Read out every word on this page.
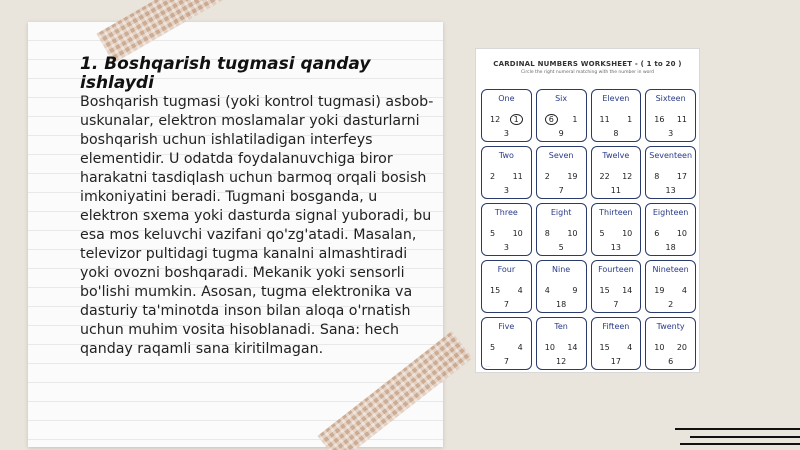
1. Boshqarish tugmasi qanday ishlaydi
Boshqarish tugmasi (yoki kontrol tugmasi) asbob-uskunalar, elektron moslamalar yoki dasturlarni boshqarish uchun ishlatiladigan interfeys elementidir. U odatda foydalanuvchiga biror harakatni tasdiqlash uchun barmoq orqali bosish imkoniyatini beradi. Tugmani bosganda, u elektron sxema yoki dasturda signal yuboradi, bu esa mos keluvchi vazifani qo'zg'atadi. Masalan, televizor pultidagi tugma kanalni almashtiradi yoki ovozni boshqaradi. Mekanik yoki sensorli bo'lishi mumkin. Asosan, tugma elektronika va dasturiy ta'minotda inson bilan aloqa o'rnatish uchun muhim vosita hisoblanadi. Sana: hech qanday raqamli sana kiritilmagan.
CARDINAL NUMBERS WORKSHEET - ( 1 to 20 )
Circle the right numeral matching with the number in word
One
12	1
3
Six
6	1
9
Eleven
11 1
8
Sixteen
16 11
3
Two
2 11
3
Seven
2 19
7
Twelve
22 12
11
Seventeen
8 17
13
Three
5 10
3
Eight
8 10
5
Thirteen
5 10
13
Eighteen
6 10
18
Four
15 4
7
Nine
4	9
18
Fourteen
15 14
7
Nineteen
19 4
2
Five
5	4
7
Ten
10 14
12
Fifteen
15 4
17
Twenty
10 20
6
...
